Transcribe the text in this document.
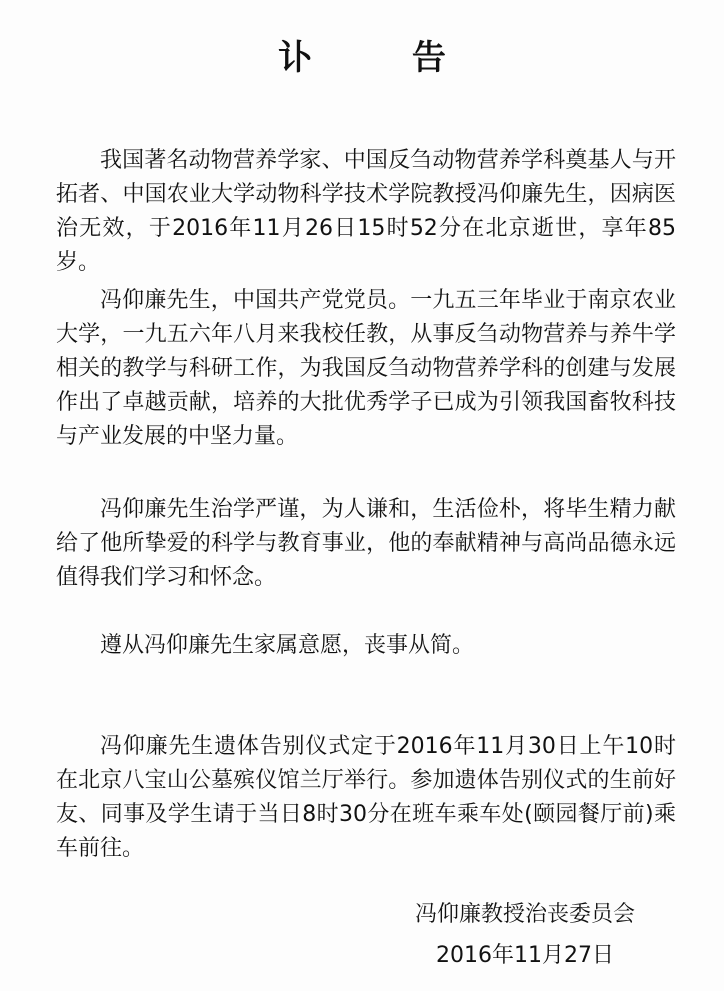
讣 告

我国著名动物营养学家、中国反刍动物营养学科奠基人与开拓者、中国农业大学动物科学技术学院教授冯仰廉先生，因病医治无效，于2016年11月26日15时52分在北京逝世，享年85岁。

冯仰廉先生，中国共产党党员。一九五三年毕业于南京农业大学，一九五六年八月来我校任教，从事反刍动物营养与养牛学相关的教学与科研工作，为我国反刍动物营养学科的创建与发展作出了卓越贡献，培养的大批优秀学子已成为引领我国畜牧科技与产业发展的中坚力量。

冯仰廉先生治学严谨，为人谦和，生活俭朴，将毕生精力献给了他所挚爱的科学与教育事业，他的奉献精神与高尚品德永远值得我们学习和怀念。

遵从冯仰廉先生家属意愿，丧事从简。

冯仰廉先生遗体告别仪式定于2016年11月30日上午10时在北京八宝山公墓殡仪馆兰厅举行。参加遗体告别仪式的生前好友、同事及学生请于当日8时30分在班车乘车处(颐园餐厅前)乘车前往。

冯仰廉教授治丧委员会
2016年11月27日
